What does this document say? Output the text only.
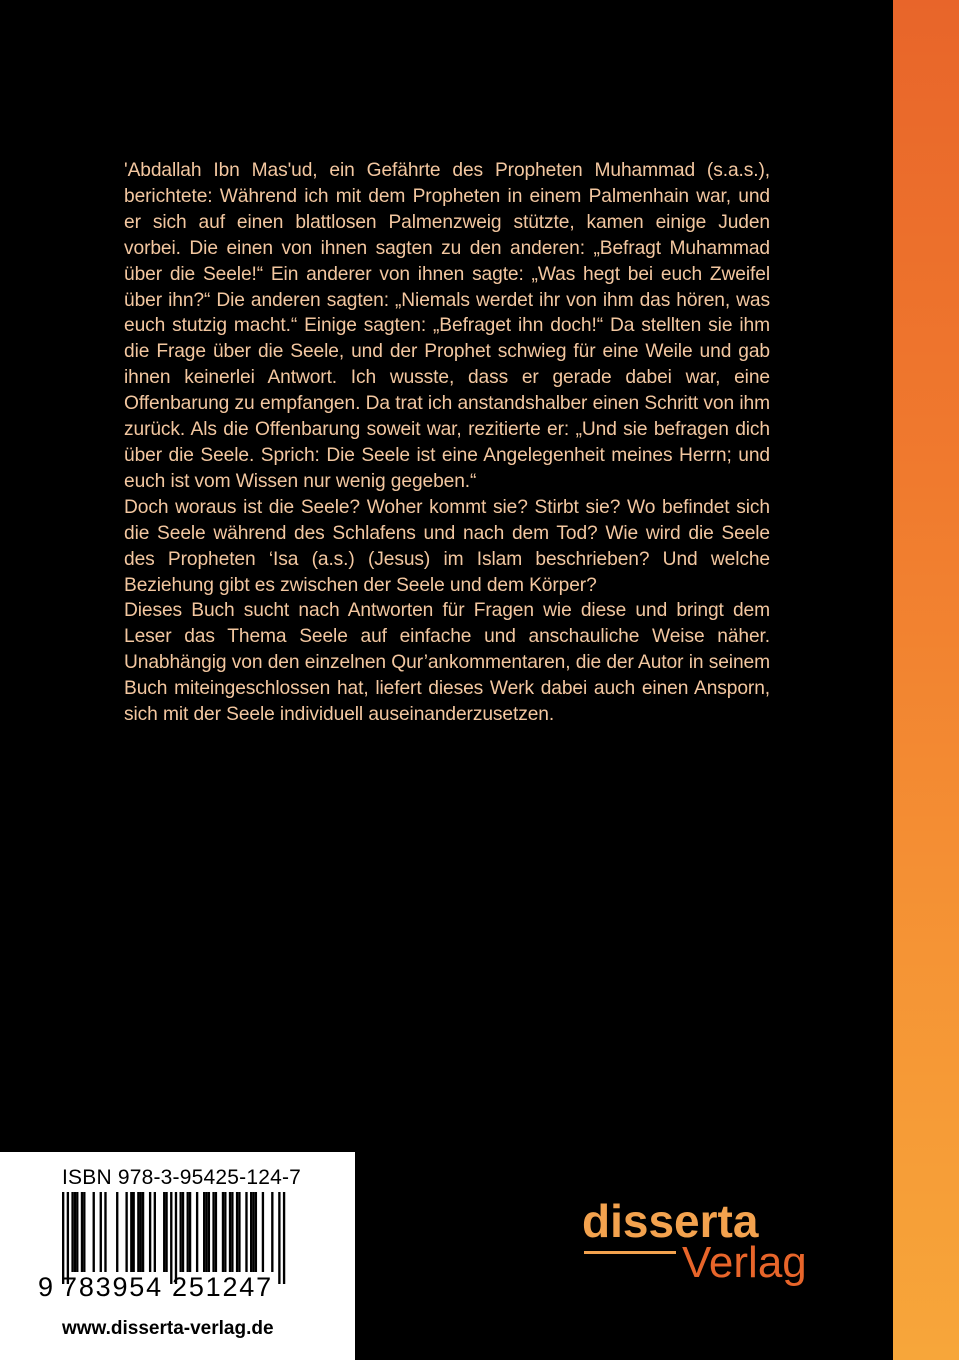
'Abdallah Ibn Mas'ud, ein Gefährte des Propheten Muhammad (s.a.s.), berichtete: Während ich mit dem Propheten in einem Palmenhain war, und er sich auf einen blattlosen Palmenzweig stützte, kamen einige Juden vorbei. Die einen von ihnen sagten zu den anderen: „Befragt Muhammad über die Seele!“ Ein anderer von ihnen sagte: „Was hegt bei euch Zweifel über ihn?“ Die anderen sagten: „Niemals werdet ihr von ihm das hören, was euch stutzig macht.“ Einige sagten: „Befraget ihn doch!“ Da stellten sie ihm die Frage über die Seele, und der Prophet schwieg für eine Weile und gab ihnen keinerlei Antwort. Ich wusste, dass er gerade dabei war, eine Offenbarung zu empfangen. Da trat ich anstandshalber einen Schritt von ihm zurück. Als die Offenbarung soweit war, rezitierte er: „Und sie befragen dich über die Seele. Sprich: Die Seele ist eine Angelegenheit meines Herrn; und euch ist vom Wissen nur wenig gegeben.“

Doch woraus ist die Seele? Woher kommt sie? Stirbt sie? Wo befindet sich die Seele während des Schlafens und nach dem Tod? Wie wird die Seele des Propheten ‘Isa (a.s.) (Jesus) im Islam beschrieben? Und welche Beziehung gibt es zwischen der Seele und dem Körper?

Dieses Buch sucht nach Antworten für Fragen wie diese und bringt dem Leser das Thema Seele auf einfache und anschauliche Weise näher. Unabhängig von den einzelnen Qur’ankommentaren, die der Autor in seinem Buch miteingeschlossen hat, liefert dieses Werk dabei auch einen Ansporn, sich mit der Seele individuell auseinanderzusetzen.

ISBN 978-3-95425-124-7
9 783954 251247
www.disserta-verlag.de
disserta
Verlag
